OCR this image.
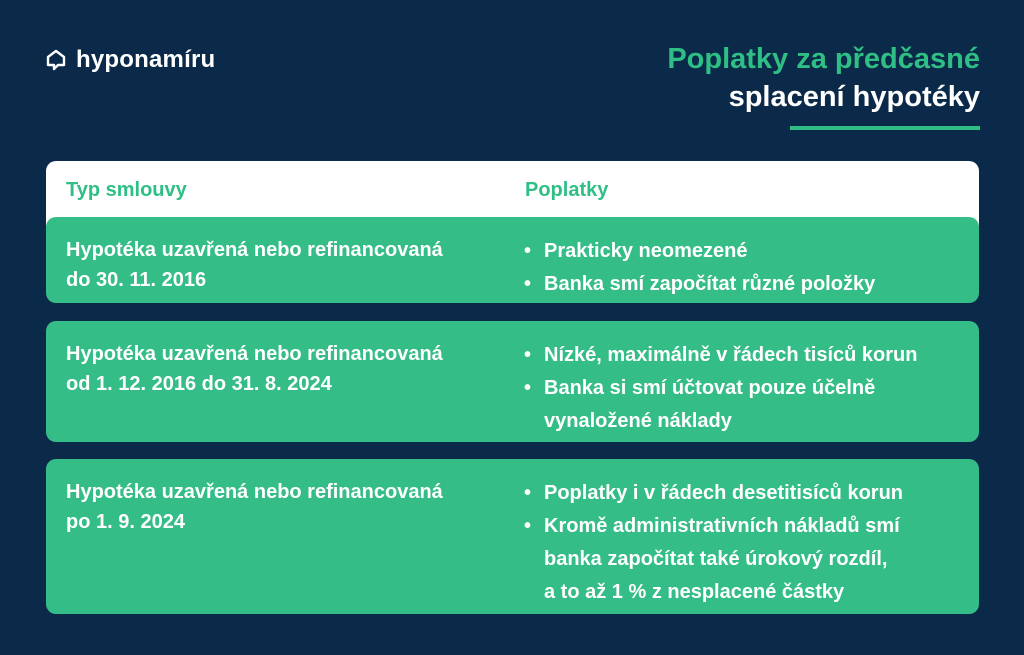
hyponamíru	Poplatky za předčasné
splacení hypotéky
Typ smlouvy	Poplatky
Hypotéka uzavřená nebo refinancovaná
do 30. 11. 2016
• Prakticky neomezené
• Banka smí započítat různé položky
Hypotéka uzavřená nebo refinancovaná
od 1. 12. 2016 do 31. 8. 2024
• Nízké, maximálně v řádech tisíců korun
• Banka si smí účtovat pouze účelně
vynaložené náklady
Hypotéka uzavřená nebo refinancovaná
po 1. 9. 2024
• Poplatky i v řádech desetitisíců korun
• Kromě administrativních nákladů smí
banka započítat také úrokový rozdíl,
a to až 1 % z nesplacené částky
